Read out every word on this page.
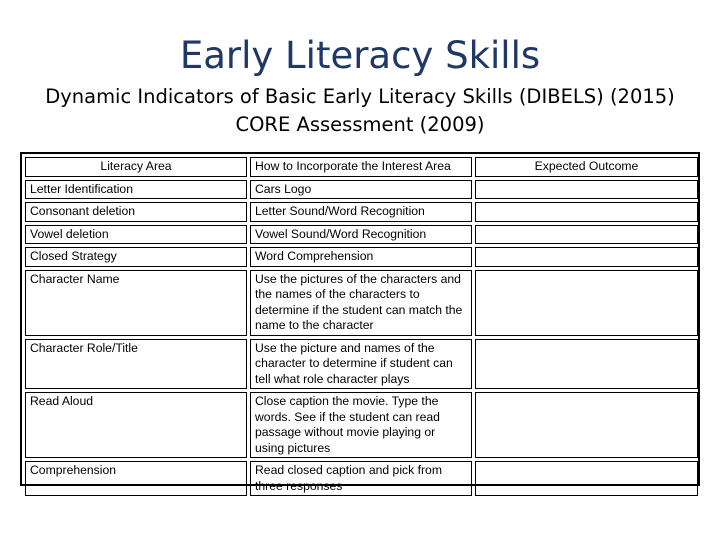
Early Literacy Skills
Dynamic Indicators of Basic Early Literacy Skills (DIBELS) (2015)
CORE Assessment (2009)
Literacy Area	How to Incorporate the Interest Area	Expected Outcome
Letter Identification	Cars Logo	
Consonant deletion	Letter Sound/Word Recognition	
Vowel deletion	Vowel Sound/Word Recognition	
Closed Strategy	Word Comprehension	
Character Name	Use the pictures of the characters and the names of the characters to determine if the student can match the name to the character	
Character Role/Title	Use the picture and names of the character to determine if student can tell what role character plays	
Read Aloud	Close caption the movie. Type the words. See if the student can read passage without movie playing or using pictures	
Comprehension	Read closed caption and pick from three responses	
